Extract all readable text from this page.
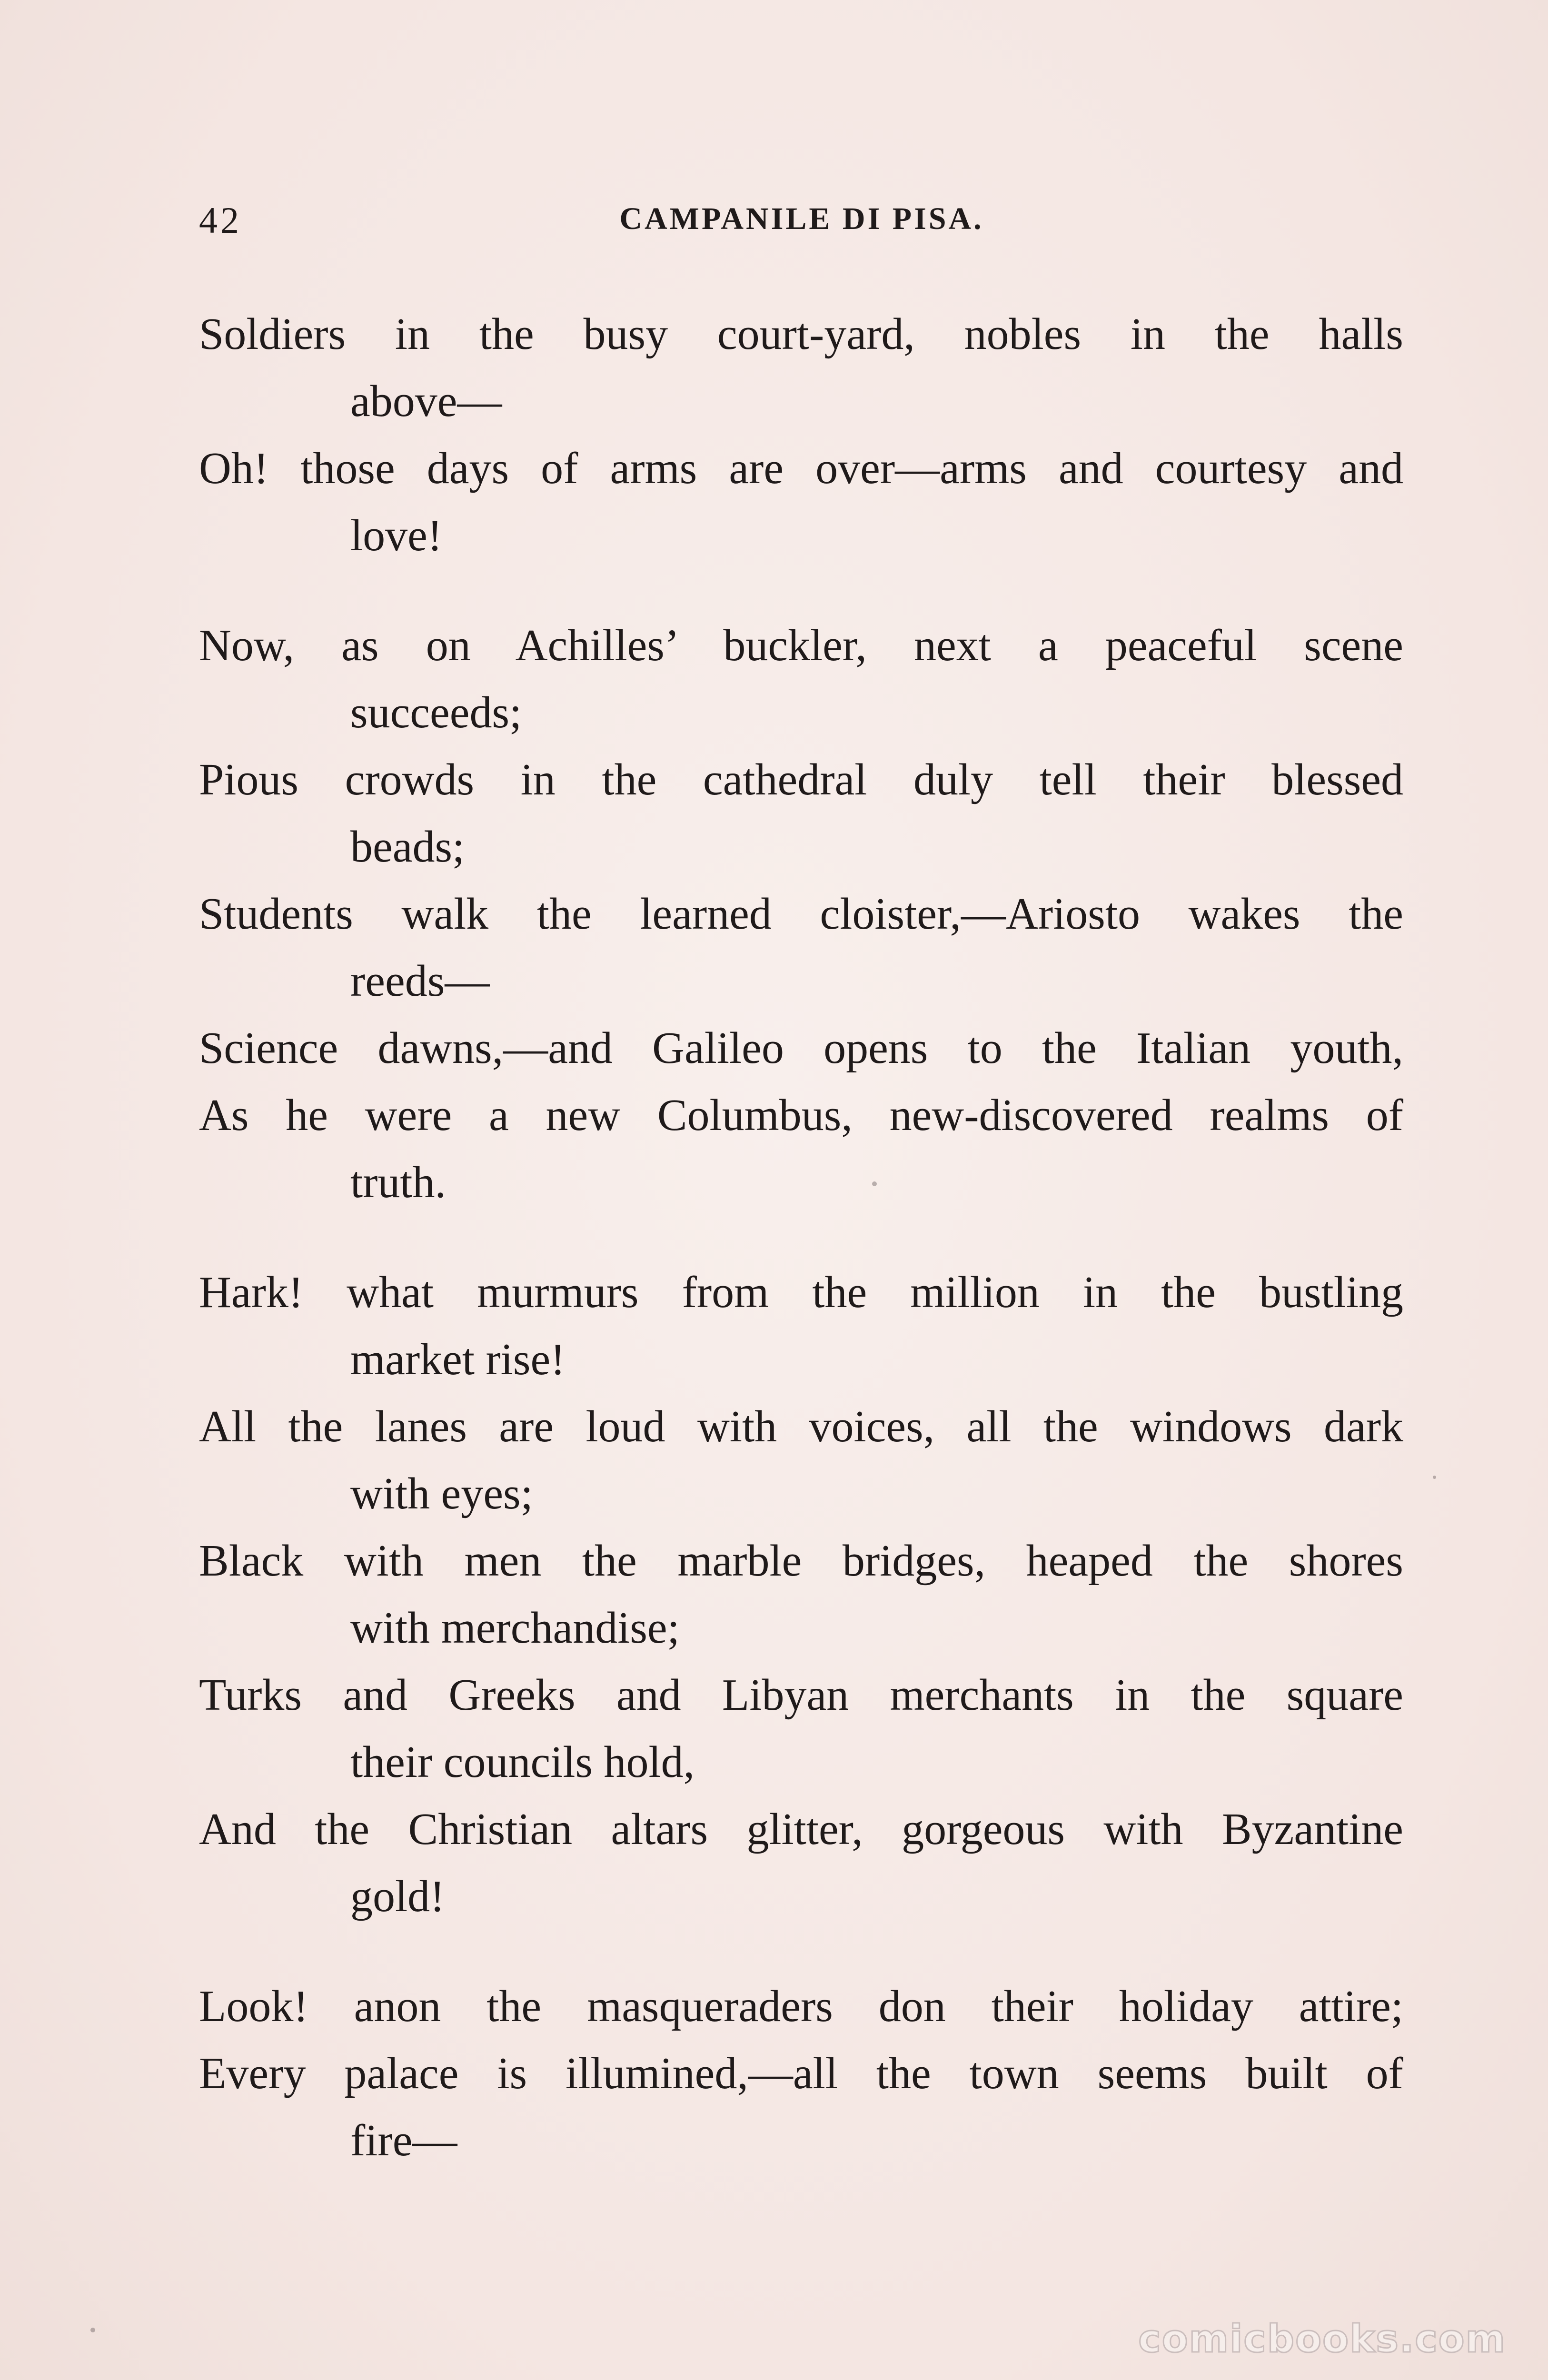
42	CAMPANILE DI PISA.

Soldiers in the busy court-yard, nobles in the halls
above—

Oh! those days of arms are over—arms and courtesy and
love!

Now, as on Achilles’ buckler, next a peaceful scene
succeeds;

Pious crowds in the cathedral duly tell their blessed
beads;

Students walk the learned cloister,—Ariosto wakes the
reeds—

Science dawns,—and Galileo opens to the Italian youth,

As he were a new Columbus, new-discovered realms of
truth.

Hark! what murmurs from the million in the bustling
market rise!

All the lanes are loud with voices, all the windows dark
with eyes;

Black with men the marble bridges, heaped the shores
with merchandise;

Turks and Greeks and Libyan merchants in the square
their councils hold,

And the Christian altars glitter, gorgeous with Byzantine
gold!

Look! anon the masqueraders don their holiday attire;

Every palace is illumined,—all the town seems built of
fire—

comicbooks.com
